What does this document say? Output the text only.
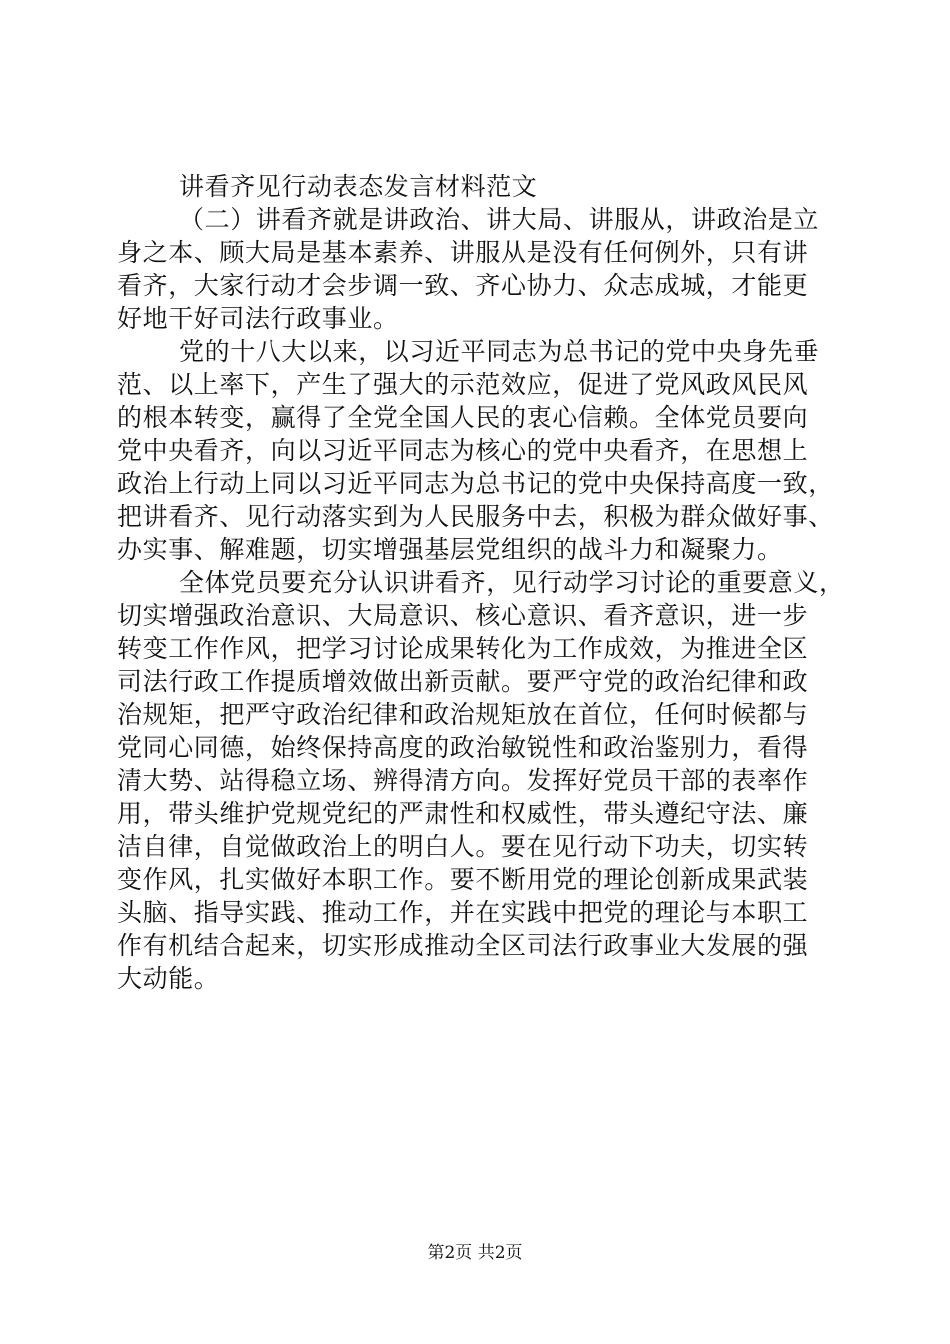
讲看齐见行动表态发言材料范文
（二）讲看齐就是讲政治、讲大局、讲服从，讲政治是立
身之本、顾大局是基本素养、讲服从是没有任何例外，只有讲
看齐，大家行动才会步调一致、齐心协力、众志成城，才能更
好地干好司法行政事业。
党的十八大以来，以习近平同志为总书记的党中央身先垂
范、以上率下，产生了强大的示范效应，促进了党风政风民风
的根本转变，赢得了全党全国人民的衷心信赖。全体党员要向
党中央看齐，向以习近平同志为核心的党中央看齐，在思想上
政治上行动上同以习近平同志为总书记的党中央保持高度一致，
把讲看齐、见行动落实到为人民服务中去，积极为群众做好事、
办实事、解难题，切实增强基层党组织的战斗力和凝聚力。
全体党员要充分认识讲看齐，见行动学习讨论的重要意义，
切实增强政治意识、大局意识、核心意识、看齐意识，进一步
转变工作作风，把学习讨论成果转化为工作成效，为推进全区
司法行政工作提质增效做出新贡献。要严守党的政治纪律和政
治规矩，把严守政治纪律和政治规矩放在首位，任何时候都与
党同心同德，始终保持高度的政治敏锐性和政治鉴别力，看得
清大势、站得稳立场、辨得清方向。发挥好党员干部的表率作
用，带头维护党规党纪的严肃性和权威性，带头遵纪守法、廉
洁自律，自觉做政治上的明白人。要在见行动下功夫，切实转
变作风，扎实做好本职工作。要不断用党的理论创新成果武装
头脑、指导实践、推动工作，并在实践中把党的理论与本职工
作有机结合起来，切实形成推动全区司法行政事业大发展的强
大动能。
第2页 共2页
